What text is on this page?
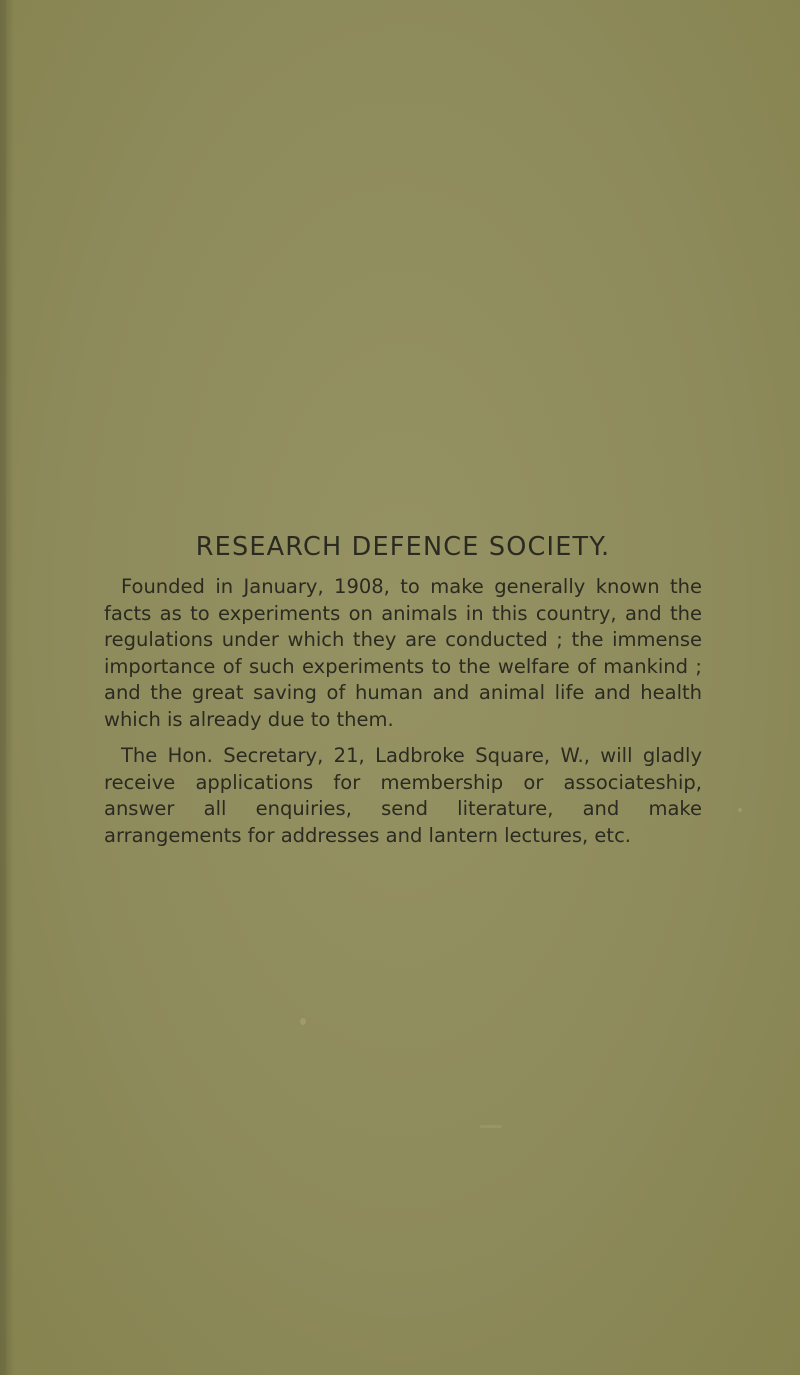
RESEARCH DEFENCE SOCIETY.

Founded in January, 1908, to make generally known the facts as to experiments on animals in this country, and the regulations under which they are conducted ; the immense importance of such experiments to the welfare of mankind ; and the great saving of human and animal life and health which is already due to them.

The Hon. Secretary, 21, Ladbroke Square, W., will gladly receive applications for membership or associateship, answer all enquiries, send literature, and make arrangements for addresses and lantern lectures, etc.
